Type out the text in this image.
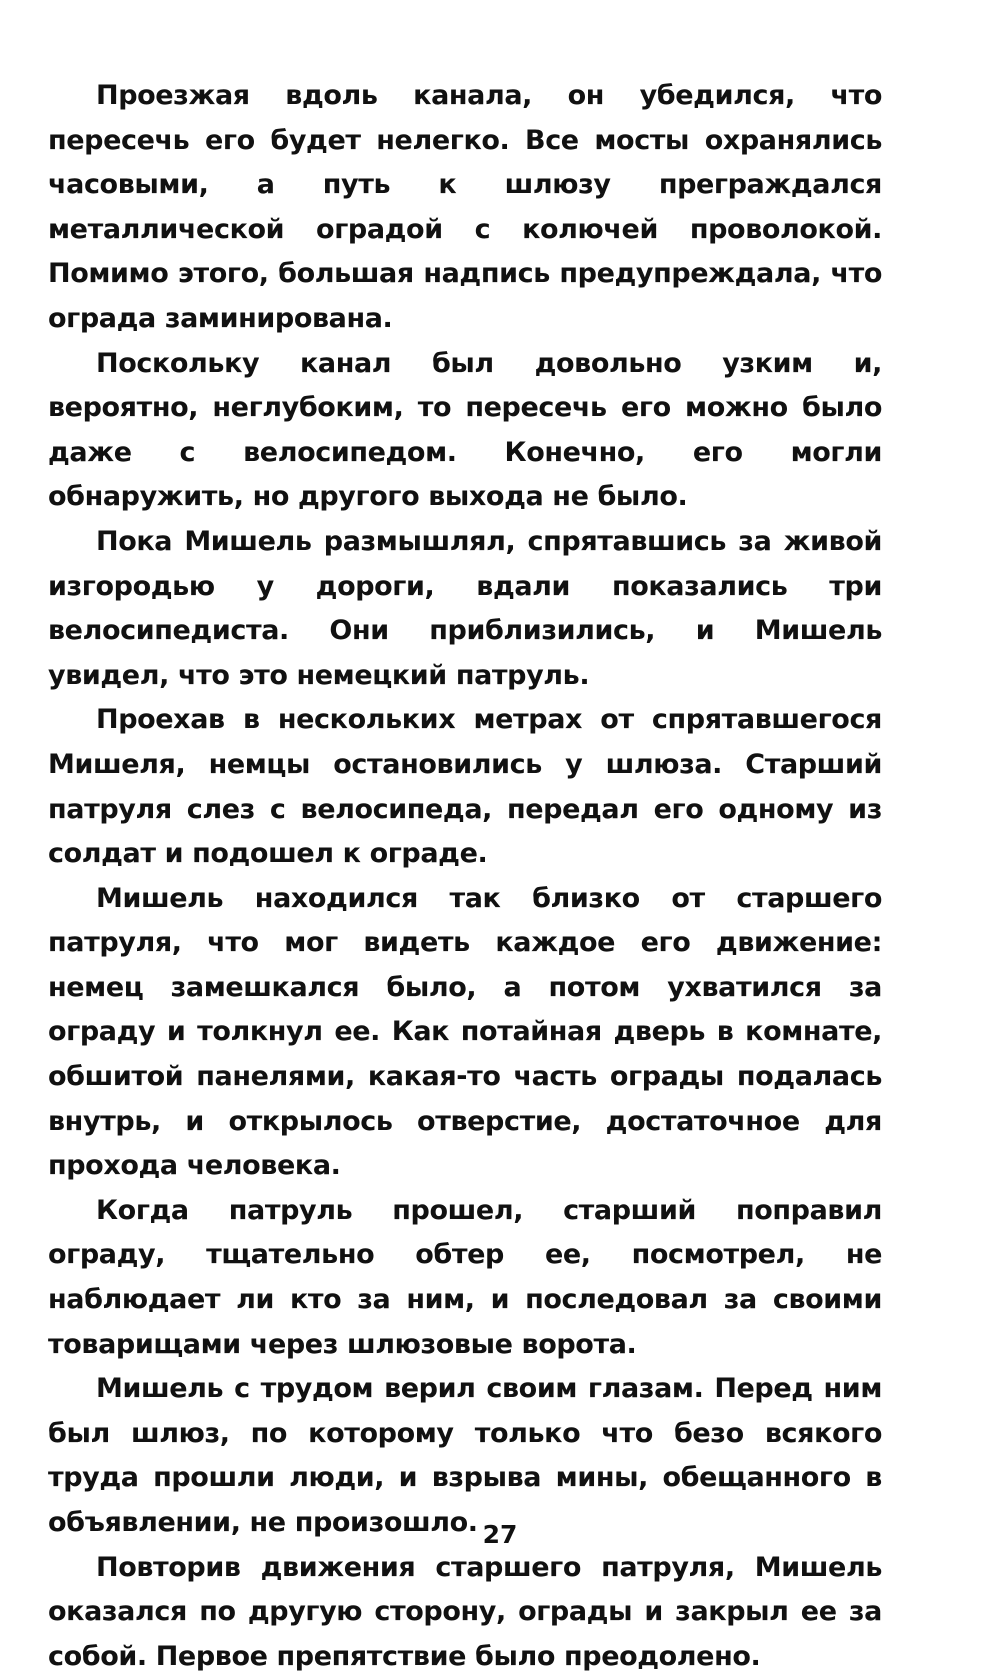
Проезжая вдоль канала, он убедился, что пересечь его будет нелегко. Все мосты охранялись часовыми, а путь к шлюзу преграждался металлической оградой с колючей проволокой. Помимо этого, большая надпись предупреждала, что ограда заминирована.

Поскольку канал был довольно узким и, вероятно, неглубоким, то пересечь его можно было даже с велосипедом. Конечно, его могли обнаружить, но другого выхода не было.

Пока Мишель размышлял, спрятавшись за живой изгородью у дороги, вдали показались три велосипедиста. Они приблизились, и Мишель увидел, что это немецкий патруль.

Проехав в нескольких метрах от спрятавшегося Мишеля, немцы остановились у шлюза. Старший патруля слез с велосипеда, передал его одному из солдат и подошел к ограде.

Мишель находился так близко от старшего патруля, что мог видеть каждое его движение: немец замешкался было, а потом ухватился за ограду и толкнул ее. Как потайная дверь в комнате, обшитой панелями, какая-то часть ограды подалась внутрь, и открылось отверстие, достаточное для прохода человека.

Когда патруль прошел, старший поправил ограду, тщательно обтер ее, посмотрел, не наблюдает ли кто за ним, и последовал за своими товарищами через шлюзовые ворота.

Мишель с трудом верил своим глазам. Перед ним был шлюз, по которому только что безо всякого труда прошли люди, и взрыва мины, обещанного в объявлении, не произошло.

Повторив движения старшего патруля, Мишель оказался по другую сторону, ограды и закрыл ее за собой. Первое препятствие было преодолено.

27
